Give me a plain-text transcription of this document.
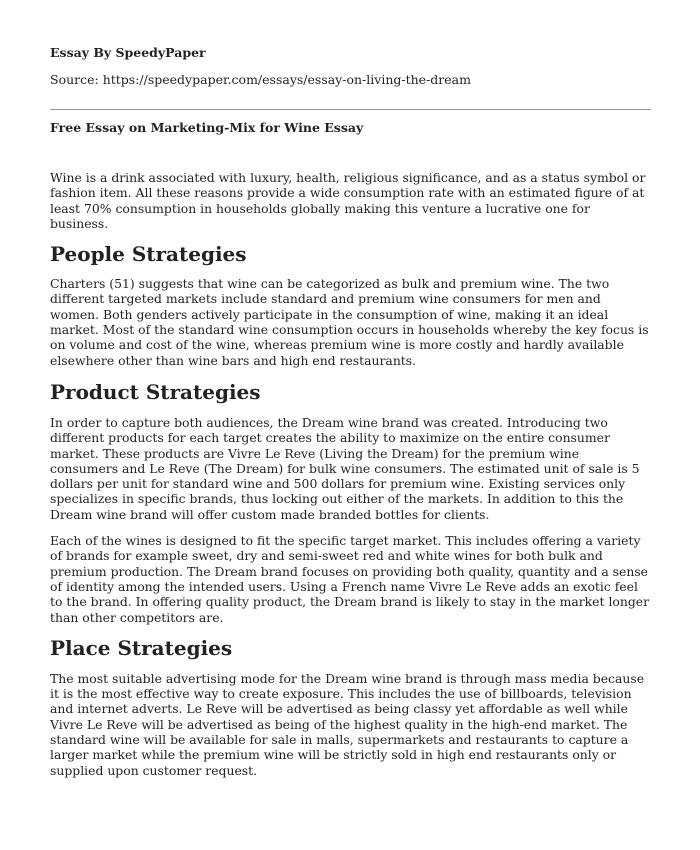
Essay By SpeedyPaper
Source: https://speedypaper.com/essays/essay-on-living-the-dream
Free Essay on Marketing-Mix for Wine Essay

Wine is a drink associated with luxury, health, religious significance, and as a status symbol or fashion item. All these reasons provide a wide consumption rate with an estimated figure of at least 70% consumption in households globally making this venture a lucrative one for business.

People Strategies

Charters (51) suggests that wine can be categorized as bulk and premium wine. The two different targeted markets include standard and premium wine consumers for men and women. Both genders actively participate in the consumption of wine, making it an ideal market. Most of the standard wine consumption occurs in households whereby the key focus is on volume and cost of the wine, whereas premium wine is more costly and hardly available elsewhere other than wine bars and high end restaurants.

Product Strategies

In order to capture both audiences, the Dream wine brand was created. Introducing two different products for each target creates the ability to maximize on the entire consumer market. These products are Vivre Le Reve (Living the Dream) for the premium wine consumers and Le Reve (The Dream) for bulk wine consumers. The estimated unit of sale is 5 dollars per unit for standard wine and 500 dollars for premium wine. Existing services only specializes in specific brands, thus locking out either of the markets. In addition to this the Dream wine brand will offer custom made branded bottles for clients.

Each of the wines is designed to fit the specific target market. This includes offering a variety of brands for example sweet, dry and semi-sweet red and white wines for both bulk and premium production. The Dream brand focuses on providing both quality, quantity and a sense of identity among the intended users. Using a French name Vivre Le Reve adds an exotic feel to the brand. In offering quality product, the Dream brand is likely to stay in the market longer than other competitors are.

Place Strategies

The most suitable advertising mode for the Dream wine brand is through mass media because it is the most effective way to create exposure. This includes the use of billboards, television and internet adverts. Le Reve will be advertised as being classy yet affordable as well while Vivre Le Reve will be advertised as being of the highest quality in the high-end market. The standard wine will be available for sale in malls, supermarkets and restaurants to capture a larger market while the premium wine will be strictly sold in high end restaurants only or supplied upon customer request.
